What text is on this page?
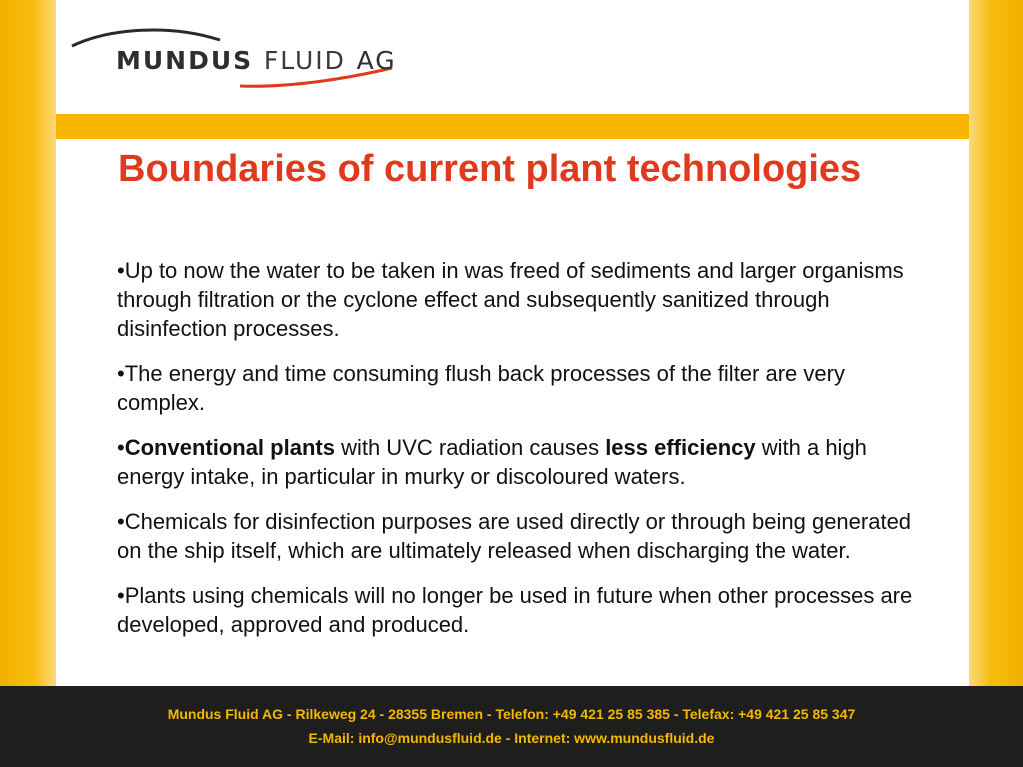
MUNDUS FLUID AG
Boundaries of current plant technologies

•Up to now the water to be taken in was freed of sediments and larger organisms through filtration or the cyclone effect and subsequently sanitized through disinfection processes.

•The energy and time consuming flush back processes of the filter are very complex.

•Conventional plants with UVC radiation causes less efficiency with a high energy intake, in particular in murky or discoloured waters.

•Chemicals for disinfection purposes are used directly or through being generated on the ship itself, which are ultimately released when discharging the water.

•Plants using chemicals will no longer be used in future when other processes are developed, approved and produced.

Mundus Fluid AG - Rilkeweg 24 - 28355 Bremen - Telefon: +49 421 25 85 385 - Telefax: +49 421 25 85 347
E-Mail: info@mundusfluid.de - Internet: www.mundusfluid.de
